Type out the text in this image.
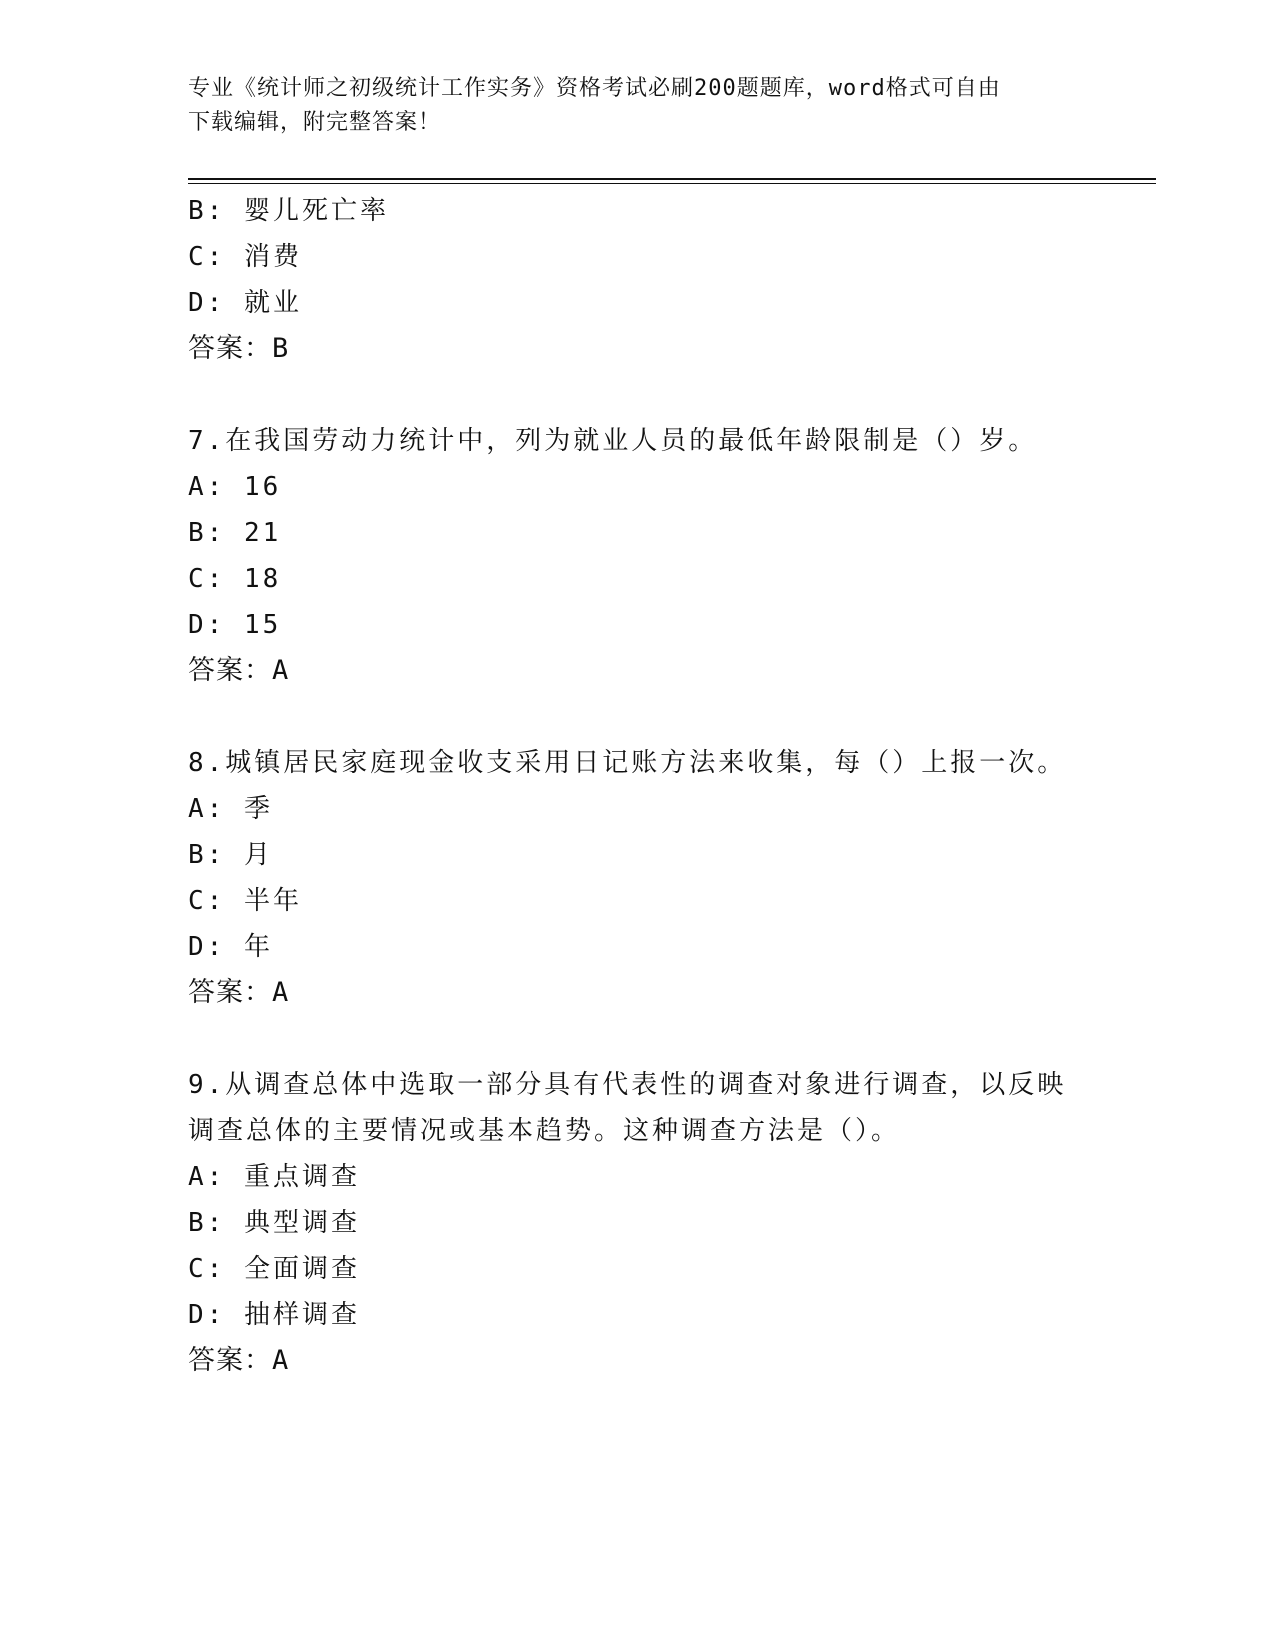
专业《统计师之初级统计工作实务》资格考试必刷200题题库，word格式可自由
下载编辑，附完整答案！
B: 婴儿死亡率
C: 消费
D: 就业
答案：B
7.在我国劳动力统计中，列为就业人员的最低年龄限制是（）岁。
A: 16
B: 21
C: 18
D: 15
答案：A
8.城镇居民家庭现金收支采用日记账方法来收集，每（）上报一次。
A: 季
B: 月
C: 半年
D: 年
答案：A
9.从调查总体中选取一部分具有代表性的调查对象进行调查，以反映
调查总体的主要情况或基本趋势。这种调查方法是（）。
A: 重点调查
B: 典型调查
C: 全面调查
D: 抽样调查
答案：A
